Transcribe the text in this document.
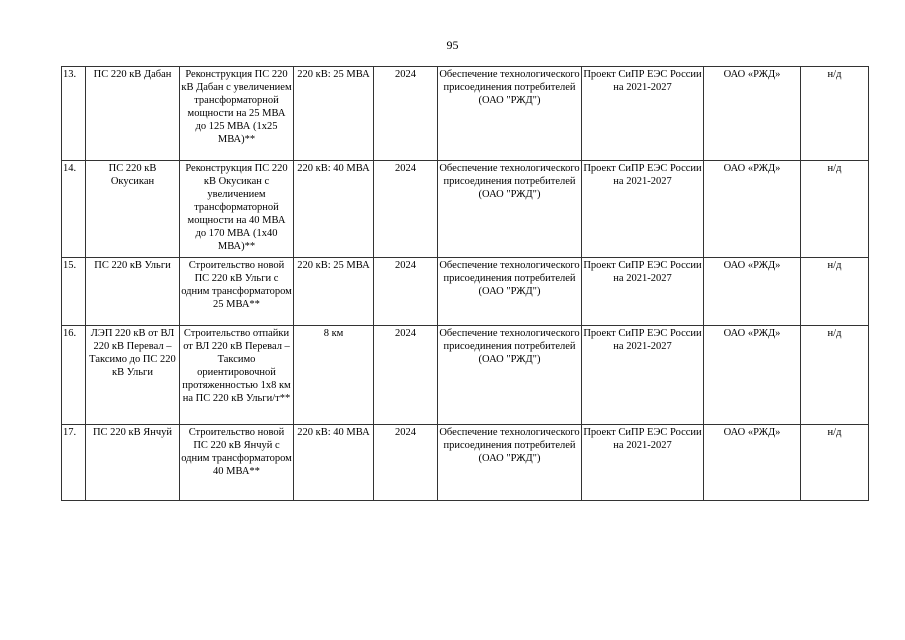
95
13.	ПС 220 кВ Дабан	Реконструкция ПС 220 кВ Дабан с увеличением трансформаторной мощности на 25 МВА до 125 МВА (1х25 МВА)**	220 кВ: 25 МВА	2024	Обеспечение технологического присоединения потребителей (ОАО "РЖД")	Проект СиПР ЕЭС России на 2021-2027	ОАО «РЖД»	н/д
14.	ПС 220 кВ Окусикан	Реконструкция ПС 220 кВ Окусикан с увеличением трансформаторной мощности на 40 МВА до 170 МВА (1х40 МВА)**	220 кВ: 40 МВА	2024	Обеспечение технологического присоединения потребителей (ОАО "РЖД")	Проект СиПР ЕЭС России на 2021-2027	ОАО «РЖД»	н/д
15.	ПС 220 кВ Ульги	Строительство новой ПС 220 кВ Ульги с одним трансформатором 25 МВА**	220 кВ: 25 МВА	2024	Обеспечение технологического присоединения потребителей (ОАО "РЖД")	Проект СиПР ЕЭС России на 2021-2027	ОАО «РЖД»	н/д
16.	ЛЭП 220 кВ от ВЛ 220 кВ Перевал – Таксимо до ПС 220 кВ Ульги	Строительство отпайки от ВЛ 220 кВ Перевал – Таксимо ориентировочной протяженностью 1х8 км на ПС 220 кВ Ульги/т**	8 км	2024	Обеспечение технологического присоединения потребителей (ОАО "РЖД")	Проект СиПР ЕЭС России на 2021-2027	ОАО «РЖД»	н/д
17.	ПС 220 кВ Янчуй	Строительство новой ПС 220 кВ Янчуй с одним трансформатором 40 МВА**	220 кВ: 40 МВА	2024	Обеспечение технологического присоединения потребителей (ОАО "РЖД")	Проект СиПР ЕЭС России на 2021-2027	ОАО «РЖД»	н/д
